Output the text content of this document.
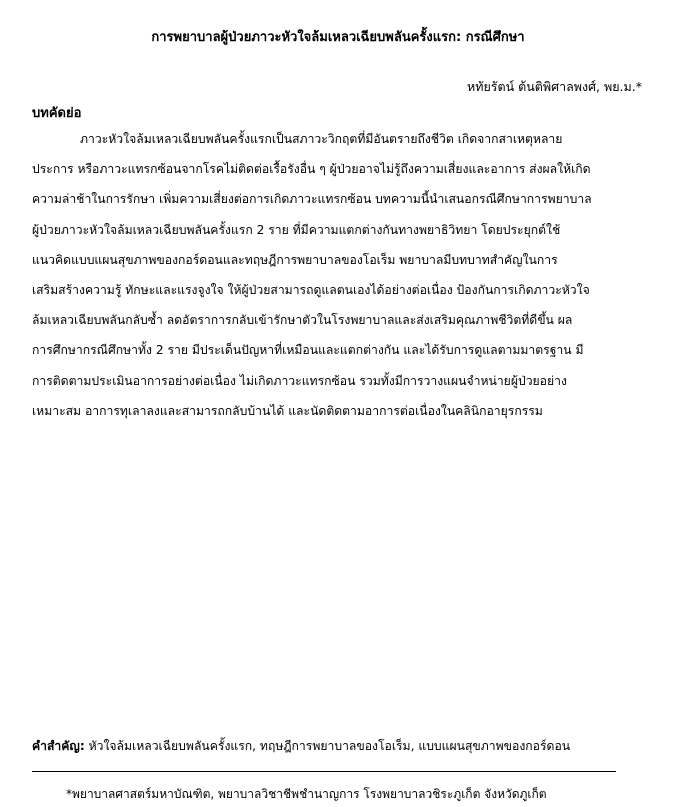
การพยาบาลผู้ป่วยภาวะหัวใจล้มเหลวเฉียบพลันครั้งแรก: กรณีศึกษา
หทัยรัตน์ ต้นติพิศาลพงศ์, พย.ม.*
บทคัดย่อ
ภาวะหัวใจล้มเหลวเฉียบพลันครั้งแรกเป็นสภาวะวิกฤตที่มีอันตรายถึงชีวิต เกิดจากสาเหตุหลาย
ประการ หรือภาวะแทรกซ้อนจากโรคไม่ติดต่อเรื้อรังอื่น ๆ ผู้ป่วยอาจไม่รู้ถึงความเสี่ยงและอาการ ส่งผลให้เกิด
ความล่าช้าในการรักษา เพิ่มความเสี่ยงต่อการเกิดภาวะแทรกซ้อน บทความนี้นำเสนอกรณีศึกษาการพยาบาล
ผู้ป่วยภาวะหัวใจล้มเหลวเฉียบพลันครั้งแรก 2 ราย ที่มีความแตกต่างกันทางพยาธิวิทยา โดยประยุกต์ใช้
แนวคิดแบบแผนสุขภาพของกอร์ดอนและทฤษฎีการพยาบาลของโอเร็ม พยาบาลมีบทบาทสำคัญในการ
เสริมสร้างความรู้ ทักษะและแรงจูงใจ ให้ผู้ป่วยสามารถดูแลตนเองได้อย่างต่อเนื่อง ป้องกันการเกิดภาวะหัวใจ
ล้มเหลวเฉียบพลันกลับซ้ำ ลดอัตราการกลับเข้ารักษาตัวในโรงพยาบาลและส่งเสริมคุณภาพชีวิตที่ดีขึ้น ผล
การศึกษากรณีศึกษาทั้ง 2 ราย มีประเด็นปัญหาที่เหมือนและแตกต่างกัน และได้รับการดูแลตามมาตรฐาน มี
การติดตามประเมินอาการอย่างต่อเนื่อง ไม่เกิดภาวะแทรกซ้อน รวมทั้งมีการวางแผนจำหน่ายผู้ป่วยอย่าง
เหมาะสม อาการทุเลาลงและสามารถกลับบ้านได้ และนัดติดตามอาการต่อเนื่องในคลินิกอายุรกรรม
คำสำคัญ: หัวใจล้มเหลวเฉียบพลันครั้งแรก, ทฤษฎีการพยาบาลของโอเร็ม, แบบแผนสุขภาพของกอร์ดอน
*พยาบาลศาสตร์มหาบัณฑิต, พยาบาลวิชาชีพชำนาญการ โรงพยาบาลวชิระภูเก็ต จังหวัดภูเก็ต
